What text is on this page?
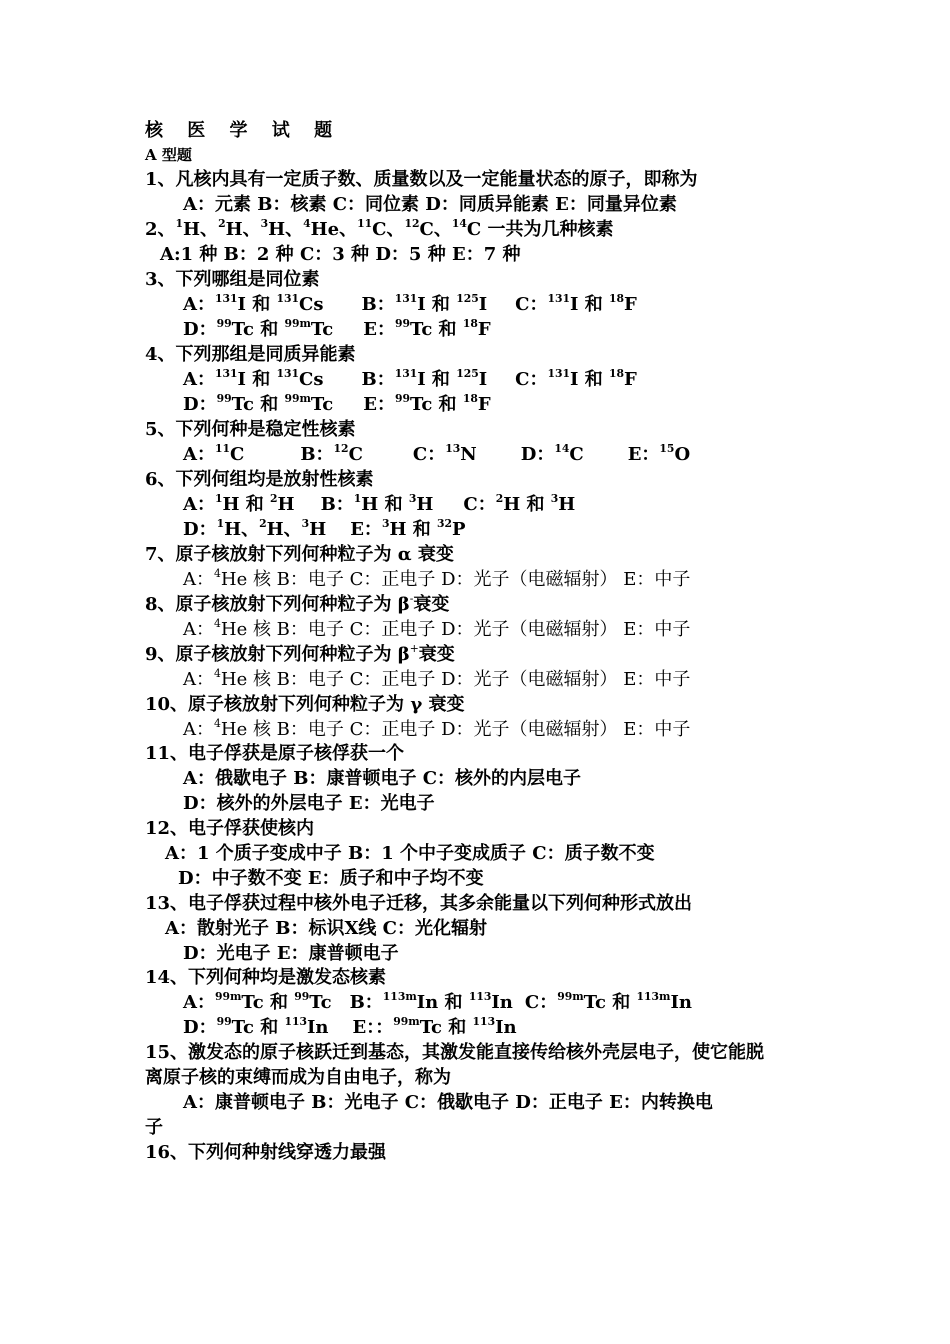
核 医 学 试 题
A 型题
1、凡核内具有一定质子数、质量数以及一定能量状态的原子，即称为
A：元素 B：核素 C：同位素 D：同质异能素 E：同量异位素
2、$^1$H、$^2$H、$^3$H、$^4$He、$^{11}$C、$^{12}$C、$^{14}$C 一共为几种核素
A:1 种 B：2 种 C：3 种 D：5 种 E：7 种
3、下列哪组是同位素
A：$^{131}$I 和 $^{131}$Cs B：$^{131}$I 和 $^{125}$I C：$^{131}$I 和 $^{18}$F
D：$^{99}$Tc 和 $^{99m}$Tc E：$^{99}$Tc 和 $^{18}$F
4、下列那组是同质异能素
A：$^{131}$I 和 $^{131}$Cs B：$^{131}$I 和 $^{125}$I C：$^{131}$I 和 $^{18}$F
D：$^{99}$Tc 和 $^{99m}$Tc E：$^{99}$Tc 和 $^{18}$F
5、下列何种是稳定性核素
A：$^{11}$C	B：$^{12}$C	C：$^{13}$N D：$^{14}$C E：$^{15}$O
6、下列何组均是放射性核素
A：$^1$H 和 $^2$H B：$^1$H 和 $^3$H C：$^2$H 和 $^3$H
D：$^1$H、$^2$H、$^3$H E：$^3$H 和 $^{32}$P
7、原子核放射下列何种粒子为 α 衰变
A：$^4$He 核 B：电子 C：正电子 D：光子（电磁辐射） E：中子
8、原子核放射下列何种粒子为 β-衰变
A：$^4$He 核 B：电子 C：正电子 D：光子（电磁辐射） E：中子
9、原子核放射下列何种粒子为 β+衰变
A：$^4$He 核 B：电子 C：正电子 D：光子（电磁辐射） E：中子
10、原子核放射下列何种粒子为 γ 衰变
A：$^4$He 核 B：电子 C：正电子 D：光子（电磁辐射） E：中子
11、电子俘获是原子核俘获一个
A：俄歇电子 B：康普顿电子 C：核外的内层电子
D：核外的外层电子 E：光电子
12、电子俘获使核内
A：1 个质子变成中子 B：1 个中子变成质子 C：质子数不变
D：中子数不变 E：质子和中子均不变
13、电子俘获过程中核外电子迁移，其多余能量以下列何种形式放出
A：散射光子 B：标识Ⅹ线 C：光化辐射
D：光电子 E：康普顿电子
14、下列何种均是激发态核素
A：$^{99m}$Tc 和 $^{99}$Tc B：$^{113m}$In 和 $^{113}$In C：$^{99m}$Tc 和 $^{113m}$In
D：$^{99}$Tc 和 $^{113}$In E：：$^{99m}$Tc 和 $^{113}$In
15、激发态的原子核跃迁到基态，其激发能直接传给核外壳层电子，使它能脱
离原子核的束缚而成为自由电子，称为
A：康普顿电子 B：光电子 C：俄歇电子 D：正电子 E：内转换电
子
16、下列何种射线穿透力最强
